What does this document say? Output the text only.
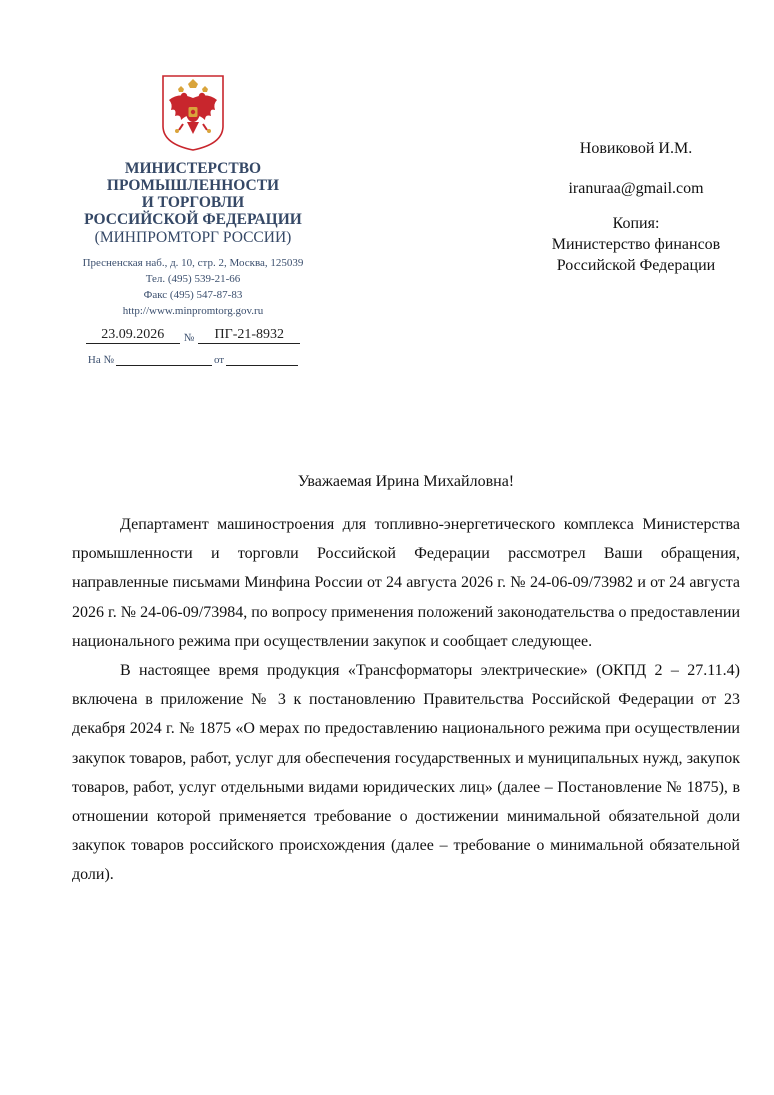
МИНИСТЕРСТВО
ПРОМЫШЛЕННОСТИ
И ТОРГОВЛИ
РОССИЙСКОЙ ФЕДЕРАЦИИ
(МИНПРОМТОРГ РОССИИ)
Пресненская наб., д. 10, стр. 2, Москва, 125039
Тел. (495) 539-21-66
Факс (495) 547-87-83
http://www.minpromtorg.gov.ru
23.09.2026	№	ПГ-21-8932
На №	от
Новиковой И.М.
iranuraa@gmail.com
Копия:
Министерство финансов
Российской Федерации
Уважаемая Ирина Михайловна!

Департамент машиностроения для топливно-энергетического комплекса Министерства промышленности и торговли Российской Федерации рассмотрел Ваши обращения, направленные письмами Минфина России от 24 августа 2026 г. № 24-06-09/73982 и от 24 августа 2026 г. № 24-06-09/73984, по вопросу применения положений законодательства о предоставлении национального режима при осуществлении закупок и сообщает следующее.

В настоящее время продукция «Трансформаторы электрические» (ОКПД 2 – 27.11.4) включена в приложение № 3 к постановлению Правительства Российской Федерации от 23 декабря 2024 г. № 1875 «О мерах по предоставлению национального режима при осуществлении закупок товаров, работ, услуг для обеспечения государственных и муниципальных нужд, закупок товаров, работ, услуг отдельными видами юридических лиц» (далее – Постановление № 1875), в отношении которой применяется требование о достижении минимальной обязательной доли закупок товаров российского происхождения (далее – требование о минимальной обязательной доли).
